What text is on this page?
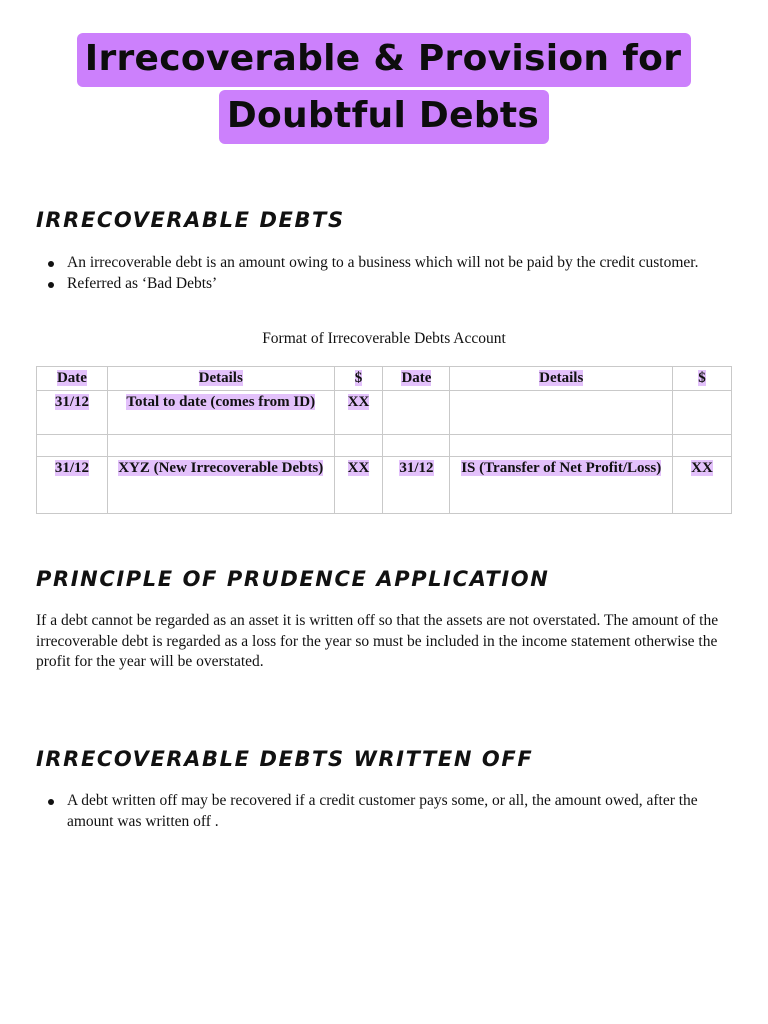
Irrecoverable & Provision for
Doubtful Debts
IRRECOVERABLE DEBTS
An irrecoverable debt is an amount owing to a business which will not be paid by the credit customer.
Referred as ‘Bad Debts’
Format of Irrecoverable Debts Account
Date	Details	$	Date	Details	$
31/12	Total to date (comes from ID)	XX			

31/12	XYZ (New Irrecoverable Debts)	XX	31/12	IS (Transfer of Net Profit/Loss)	XX
PRINCIPLE OF PRUDENCE APPLICATION
If a debt cannot be regarded as an asset it is written off so that the assets are not overstated. The amount of the irrecoverable debt is regarded as a loss for the year so must be included in the income statement otherwise the profit for the year will be overstated.
IRRECOVERABLE DEBTS WRITTEN OFF
A debt written off may be recovered if a credit customer pays some, or all, the amount owed, after the amount was written off .
